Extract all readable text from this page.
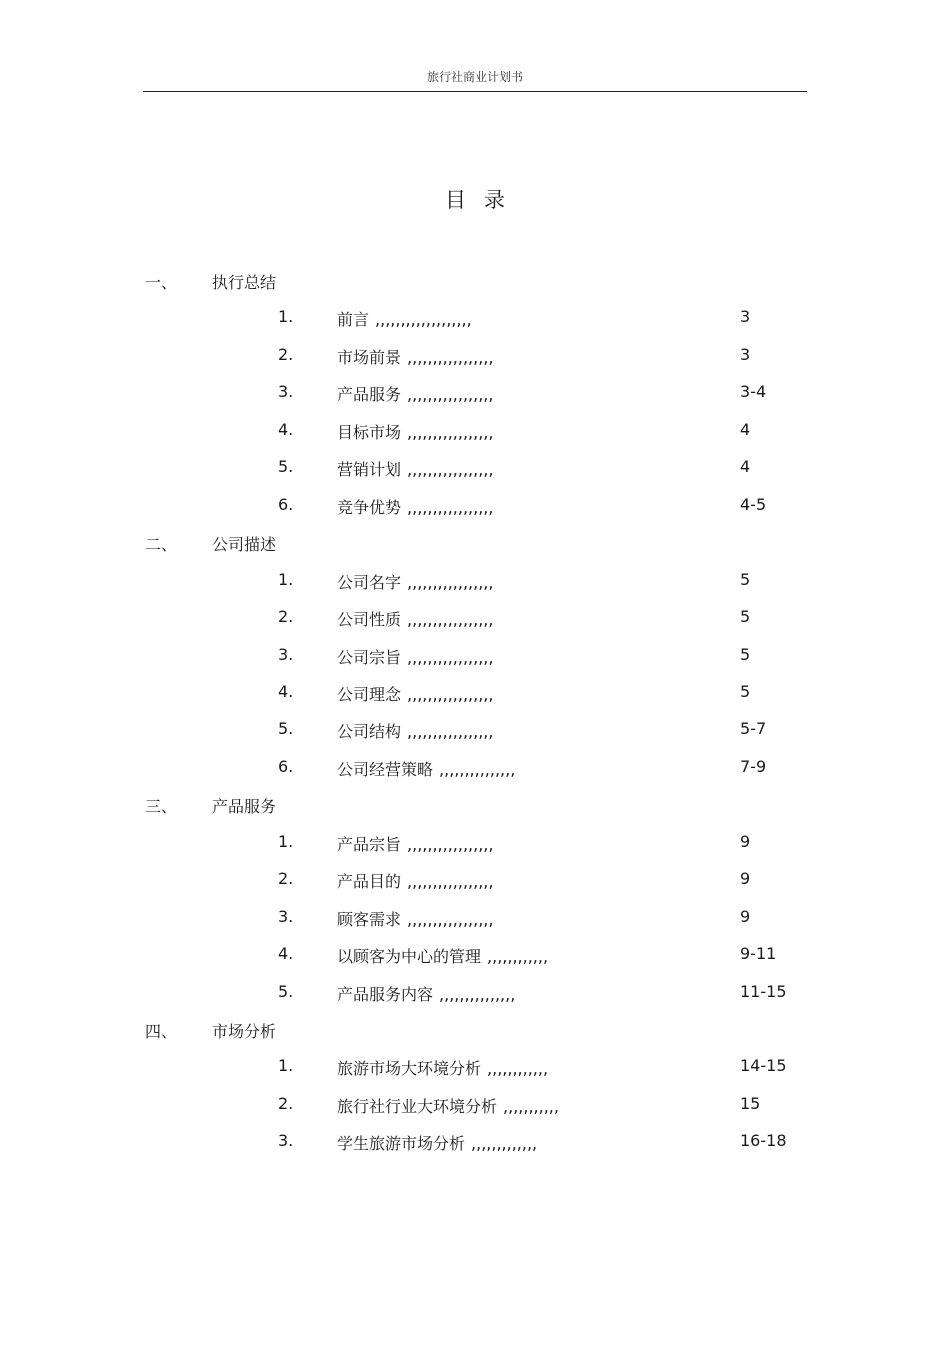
旅行社商业计划书
目录
一、 执行总结
1.	前言 ,,,,,,,,,,,,,,,,,,,	3
2.	市场前景 ,,,,,,,,,,,,,,,,,	3
3.	产品服务 ,,,,,,,,,,,,,,,,,	3-4
4.	目标市场 ,,,,,,,,,,,,,,,,,	4
5.	营销计划 ,,,,,,,,,,,,,,,,,	4
6.	竞争优势 ,,,,,,,,,,,,,,,,,	4-5
二、 公司描述
1.	公司名字 ,,,,,,,,,,,,,,,,,	5
2.	公司性质 ,,,,,,,,,,,,,,,,,	5
3.	公司宗旨 ,,,,,,,,,,,,,,,,,	5
4.	公司理念 ,,,,,,,,,,,,,,,,,	5
5.	公司结构 ,,,,,,,,,,,,,,,,,	5-7
6.	公司经营策略 ,,,,,,,,,,,,,,,	7-9
三、 产品服务
1.	产品宗旨 ,,,,,,,,,,,,,,,,,	9
2.	产品目的 ,,,,,,,,,,,,,,,,,	9
3.	顾客需求 ,,,,,,,,,,,,,,,,,	9
4.	以顾客为中心的管理 ,,,,,,,,,,,,	9-11
5.	产品服务内容 ,,,,,,,,,,,,,,,	11-15
四、 市场分析
1.	旅游市场大环境分析 ,,,,,,,,,,,,	14-15
2.	旅行社行业大环境分析 ,,,,,,,,,,,	15
3.	学生旅游市场分析 ,,,,,,,,,,,,,	16-18
